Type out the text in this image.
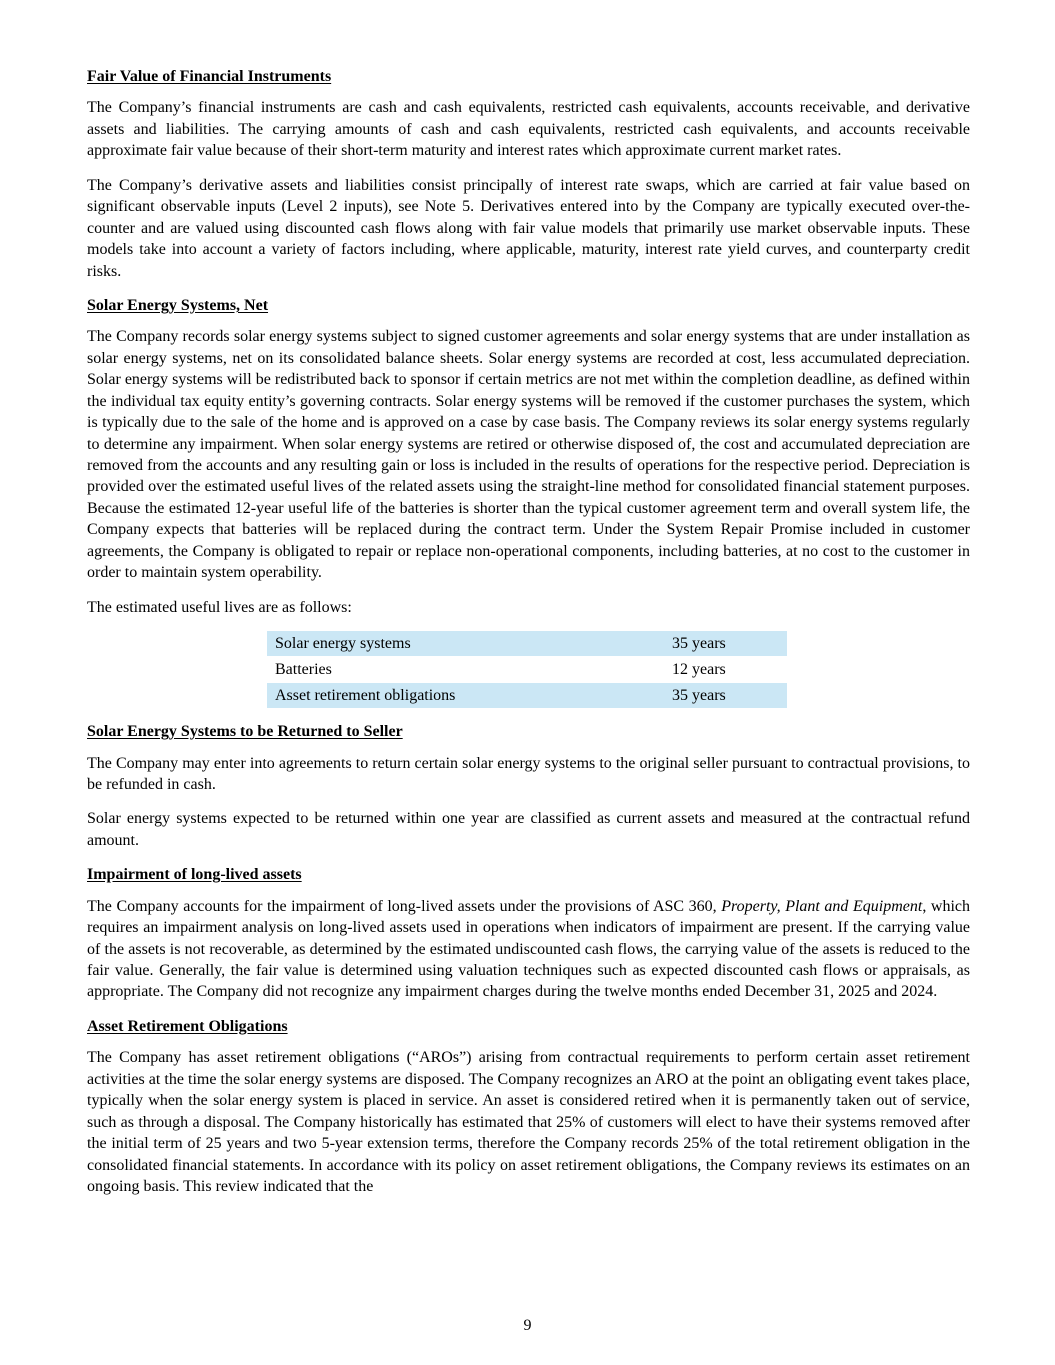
Fair Value of Financial Instruments

The Company’s financial instruments are cash and cash equivalents, restricted cash equivalents, accounts receivable, and derivative assets and liabilities. The carrying amounts of cash and cash equivalents, restricted cash equivalents, and accounts receivable approximate fair value because of their short-term maturity and interest rates which approximate current market rates.

The Company’s derivative assets and liabilities consist principally of interest rate swaps, which are carried at fair value based on significant observable inputs (Level 2 inputs), see Note 5. Derivatives entered into by the Company are typically executed over-the-counter and are valued using discounted cash flows along with fair value models that primarily use market observable inputs. These models take into account a variety of factors including, where applicable, maturity, interest rate yield curves, and counterparty credit risks.

Solar Energy Systems, Net

The Company records solar energy systems subject to signed customer agreements and solar energy systems that are under installation as solar energy systems, net on its consolidated balance sheets. Solar energy systems are recorded at cost, less accumulated depreciation. Solar energy systems will be redistributed back to sponsor if certain metrics are not met within the completion deadline, as defined within the individual tax equity entity’s governing contracts. Solar energy systems will be removed if the customer purchases the system, which is typically due to the sale of the home and is approved on a case by case basis. The Company reviews its solar energy systems regularly to determine any impairment. When solar energy systems are retired or otherwise disposed of, the cost and accumulated depreciation are removed from the accounts and any resulting gain or loss is included in the results of operations for the respective period. Depreciation is provided over the estimated useful lives of the related assets using the straight-line method for consolidated financial statement purposes. Because the estimated 12-year useful life of the batteries is shorter than the typical customer agreement term and overall system life, the Company expects that batteries will be replaced during the contract term. Under the System Repair Promise included in customer agreements, the Company is obligated to repair or replace non-operational components, including batteries, at no cost to the customer in order to maintain system operability.

The estimated useful lives are as follows:

Solar energy systems	35 years
Batteries	12 years
Asset retirement obligations	35 years
Solar Energy Systems to be Returned to Seller

The Company may enter into agreements to return certain solar energy systems to the original seller pursuant to contractual provisions, to be refunded in cash.

Solar energy systems expected to be returned within one year are classified as current assets and measured at the contractual refund amount.

Impairment of long-lived assets

The Company accounts for the impairment of long-lived assets under the provisions of ASC 360, Property, Plant and Equipment, which requires an impairment analysis on long-lived assets used in operations when indicators of impairment are present. If the carrying value of the assets is not recoverable, as determined by the estimated undiscounted cash flows, the carrying value of the assets is reduced to the fair value. Generally, the fair value is determined using valuation techniques such as expected discounted cash flows or appraisals, as appropriate. The Company did not recognize any impairment charges during the twelve months ended December 31, 2025 and 2024.

Asset Retirement Obligations

The Company has asset retirement obligations (“AROs”) arising from contractual requirements to perform certain asset retirement activities at the time the solar energy systems are disposed. The Company recognizes an ARO at the point an obligating event takes place, typically when the solar energy system is placed in service. An asset is considered retired when it is permanently taken out of service, such as through a disposal. The Company historically has estimated that 25% of customers will elect to have their systems removed after the initial term of 25 years and two 5-year extension terms, therefore the Company records 25% of the total retirement obligation in the consolidated financial statements. In accordance with its policy on asset retirement obligations, the Company reviews its estimates on an ongoing basis. This review indicated that the

9
